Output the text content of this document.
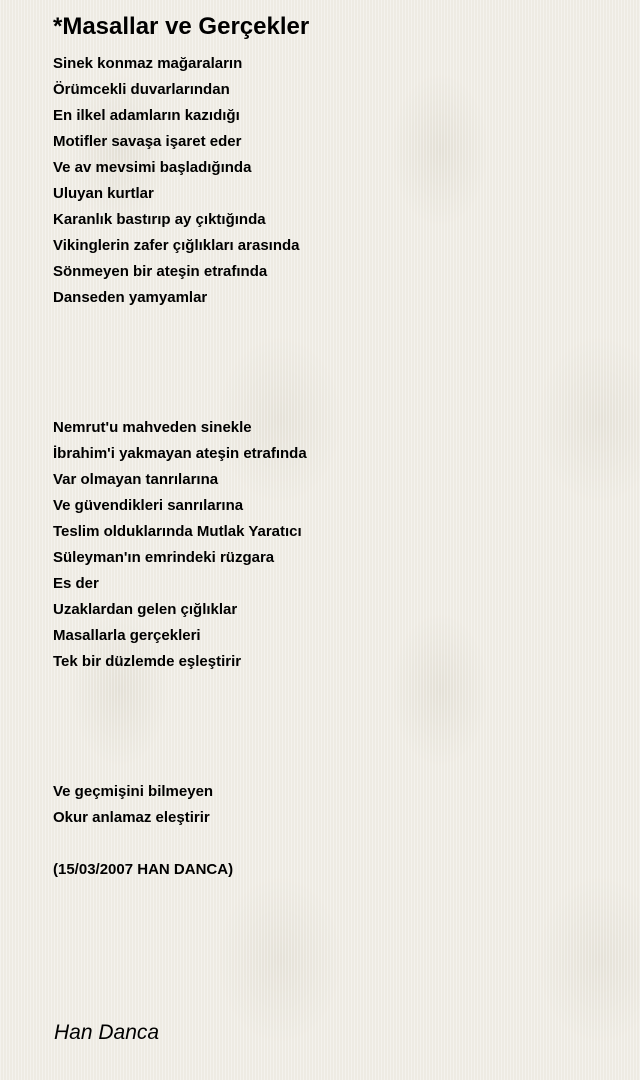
*Masallar ve Gerçekler
Sinek konmaz mağaraların
Örümcekli duvarlarından
En ilkel adamların kazıdığı
Motifler savaşa işaret eder
Ve av mevsimi başladığında
Uluyan kurtlar
Karanlık bastırıp ay çıktığında
Vikinglerin zafer çığlıkları arasında
Sönmeyen bir ateşin etrafında
Danseden yamyamlar
Nemrut'u mahveden sinekle
İbrahim'i yakmayan ateşin etrafında
Var olmayan tanrılarına
Ve güvendikleri sanrılarına
Teslim olduklarında Mutlak Yaratıcı
Süleyman'ın emrindeki rüzgara
Es der
Uzaklardan gelen çığlıklar
Masallarla gerçekleri
Tek bir düzlemde eşleştirir
Ve geçmişini bilmeyen
Okur anlamaz eleştirir
(15/03/2007 HAN DANCA)
Han Danca
